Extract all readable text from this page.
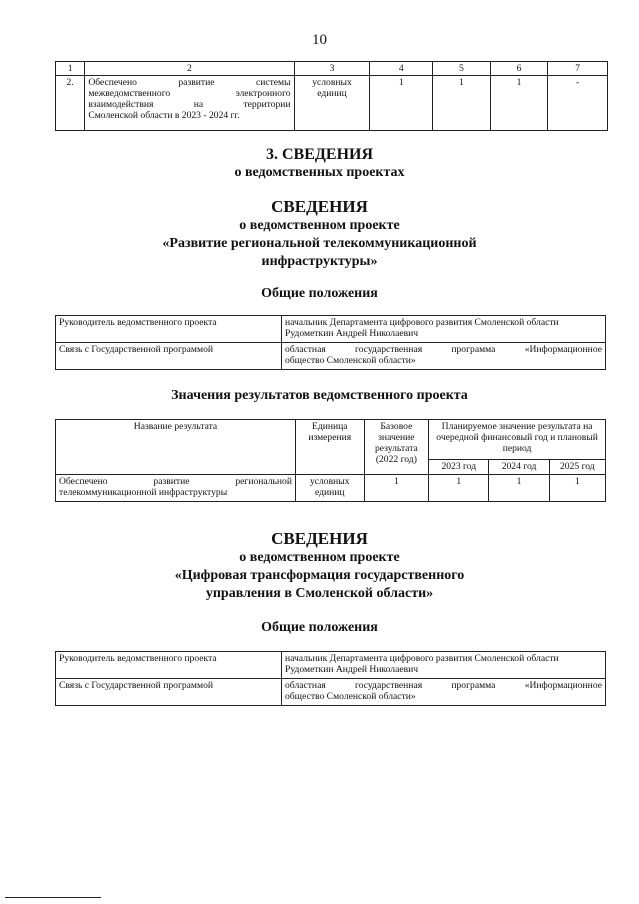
10
1	2	3	4	5	6	7
2.	Обеспечено развитие системы
межведомственного электронного
взаимодействия на территории
Смоленской области в 2023 - 2024 гг.	условных единиц	1	1	1	-
3. СВЕДЕНИЯ
о ведомственных проектах
СВЕДЕНИЯ
о ведомственном проекте
«Развитие региональной телекоммуникационной
инфраструктуры»
Общие положения
Руководитель ведомственного проекта	начальник Департамента цифрового развития Смоленской области
Рудометкин Андрей Николаевич

Связь с Государственной программой	областная государственная программа «Информационное
общество Смоленской области»
Значения результатов ведомственного проекта
Название результата	Единица измерения	Базовое значение результата (2022 год)	Планируемое значение результата на очередной финансовый год и плановый период		
			2023 год	2024 год	2025 год

Обеспечено развитие региональной
телекоммуникационной инфраструктуры	условных единиц	1	1	1	1
СВЕДЕНИЯ
о ведомственном проекте
«Цифровая трансформация государственного
управления в Смоленской области»
Общие положения
Руководитель ведомственного проекта	начальник Департамента цифрового развития Смоленской области
Рудометкин Андрей Николаевич

Связь с Государственной программой	областная государственная программа «Информационное
общество Смоленской области»
